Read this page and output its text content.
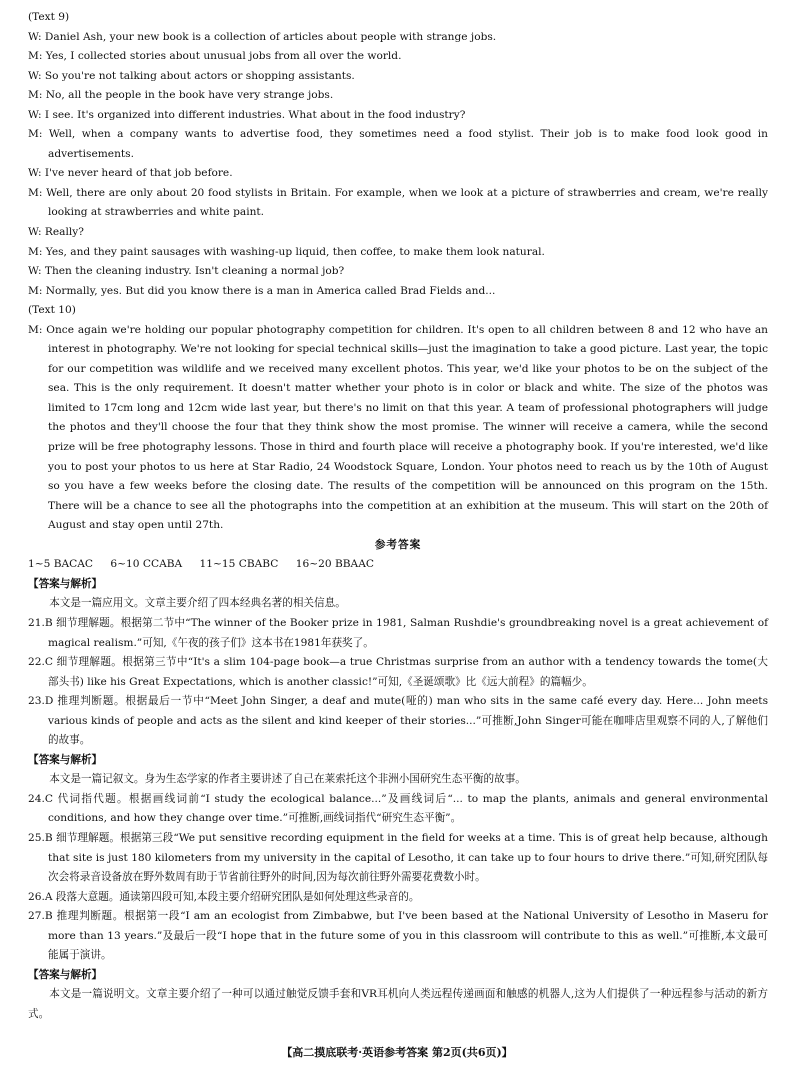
(Text 9)
W: Daniel Ash, your new book is a collection of articles about people with strange jobs.
M: Yes, I collected stories about unusual jobs from all over the world.
W: So you're not talking about actors or shopping assistants.
M: No, all the people in the book have very strange jobs.
W: I see. It's organized into different industries. What about in the food industry?
M: Well, when a company wants to advertise food, they sometimes need a food stylist. Their job is to make food look good in advertisements.
W: I've never heard of that job before.
M: Well, there are only about 20 food stylists in Britain. For example, when we look at a picture of strawberries and cream, we're really looking at strawberries and white paint.
W: Really?
M: Yes, and they paint sausages with washing-up liquid, then coffee, to make them look natural.
W: Then the cleaning industry. Isn't cleaning a normal job?
M: Normally, yes. But did you know there is a man in America called Brad Fields and...
(Text 10)
M: Once again we're holding our popular photography competition for children. It's open to all children between 8 and 12 who have an interest in photography. We're not looking for special technical skills—just the imagination to take a good picture. Last year, the topic for our competition was wildlife and we received many excellent photos. This year, we'd like your photos to be on the subject of the sea. This is the only requirement. It doesn't matter whether your photo is in color or black and white. The size of the photos was limited to 17cm long and 12cm wide last year, but there's no limit on that this year. A team of professional photographers will judge the photos and they'll choose the four that they think show the most promise. The winner will receive a camera, while the second prize will be free photography lessons. Those in third and fourth place will receive a photography book. If you're interested, we'd like you to post your photos to us here at Star Radio, 24 Woodstock Square, London. Your photos need to reach us by the 10th of August so you have a few weeks before the closing date. The results of the competition will be announced on this program on the 15th. There will be a chance to see all the photographs into the competition at an exhibition at the museum. This will start on the 20th of August and stay open until 27th.
参考答案
1~5 BACAC 6~10 CCABA 11~15 CBABC 16~20 BBAAC
【答案与解析】
本文是一篇应用文。文章主要介绍了四本经典名著的相关信息。
21.B 细节理解题。根据第二节中“The winner of the Booker prize in 1981, Salman Rushdie's groundbreaking novel is a great achievement of magical realism.”可知,《午夜的孩子们》这本书在1981年获奖了。
22.C 细节理解题。根据第三节中“It's a slim 104-page book—a true Christmas surprise from an author with a tendency towards the tome(大部头书) like his Great Expectations, which is another classic!”可知,《圣诞颂歌》比《远大前程》的篇幅少。
23.D 推理判断题。根据最后一节中“Meet John Singer, a deaf and mute(哑的) man who sits in the same café every day. Here... John meets various kinds of people and acts as the silent and kind keeper of their stories...”可推断,John Singer可能在咖啡店里观察不同的人,了解他们的故事。
【答案与解析】
本文是一篇记叙文。身为生态学家的作者主要讲述了自己在莱索托这个非洲小国研究生态平衡的故事。
24.C 代词指代题。根据画线词前“I study the ecological balance...”及画线词后“... to map the plants, animals and general environmental conditions, and how they change over time.”可推断,画线词指代“研究生态平衡”。
25.B 细节理解题。根据第三段“We put sensitive recording equipment in the field for weeks at a time. This is of great help because, although that site is just 180 kilometers from my university in the capital of Lesotho, it can take up to four hours to drive there.”可知,研究团队每次会将录音设备放在野外数周有助于节省前往野外的时间,因为每次前往野外需要花费数小时。
26.A 段落大意题。通读第四段可知,本段主要介绍研究团队是如何处理这些录音的。
27.B 推理判断题。根据第一段“I am an ecologist from Zimbabwe, but I've been based at the National University of Lesotho in Maseru for more than 13 years.”及最后一段“I hope that in the future some of you in this classroom will contribute to this as well.”可推断,本文最可能属于演讲。
【答案与解析】
本文是一篇说明文。文章主要介绍了一种可以通过触觉反馈手套和VR耳机向人类远程传递画面和触感的机器人,这为人们提供了一种远程参与活动的新方式。
【高二摸底联考·英语参考答案 第2页(共6页)】
